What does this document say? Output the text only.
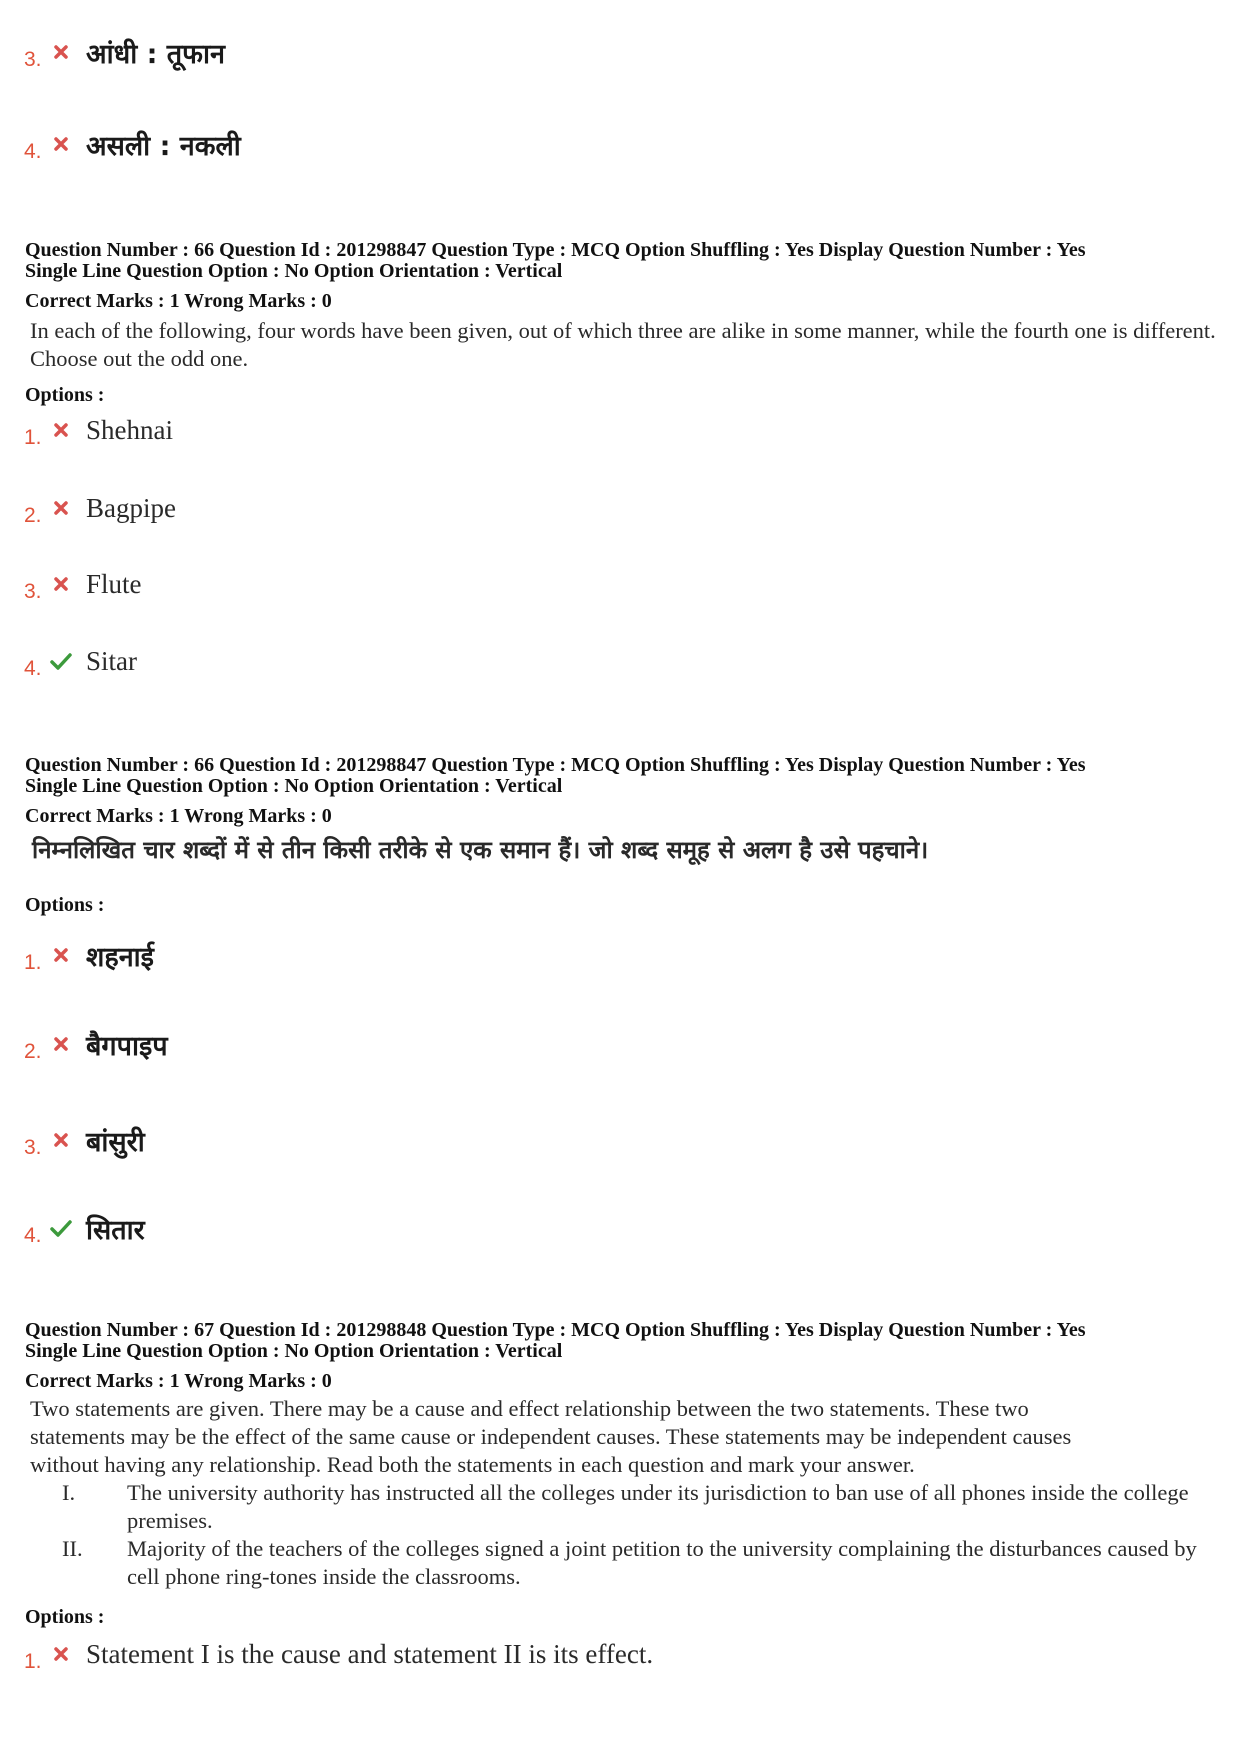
3.	आंधी : तूफान
4.	असली : नकली
Question Number : 66 Question Id : 201298847 Question Type : MCQ Option Shuffling : Yes Display Question Number : Yes
Single Line Question Option : No Option Orientation : Vertical
Correct Marks : 1 Wrong Marks : 0
In each of the following, four words have been given, out of which three are alike in some manner, while the fourth one is different. Choose out the odd one.
Options :
1.	Shehnai
2.	Bagpipe
3.	Flute
4.	Sitar
Question Number : 66 Question Id : 201298847 Question Type : MCQ Option Shuffling : Yes Display Question Number : Yes
Single Line Question Option : No Option Orientation : Vertical
Correct Marks : 1 Wrong Marks : 0
निम्नलिखित चार शब्दों में से तीन किसी तरीके से एक समान हैं। जो शब्द समूह से अलग है उसे पहचाने।
Options :
1.	शहनाई
2.	बैगपाइप
3.	बांसुरी
4.	सितार
Question Number : 67 Question Id : 201298848 Question Type : MCQ Option Shuffling : Yes Display Question Number : Yes
Single Line Question Option : No Option Orientation : Vertical
Correct Marks : 1 Wrong Marks : 0
Two statements are given. There may be a cause and effect relationship between the two statements. These two
statements may be the effect of the same cause or independent causes. These statements may be independent causes
without having any relationship. Read both the statements in each question and mark your answer.
I.	The university authority has instructed all the colleges under its jurisdiction to ban use of all phones inside the college premises.
II.	Majority of the teachers of the colleges signed a joint petition to the university complaining the disturbances caused by cell phone ring-tones inside the classrooms.
Options :
1.	Statement I is the cause and statement II is its effect.
